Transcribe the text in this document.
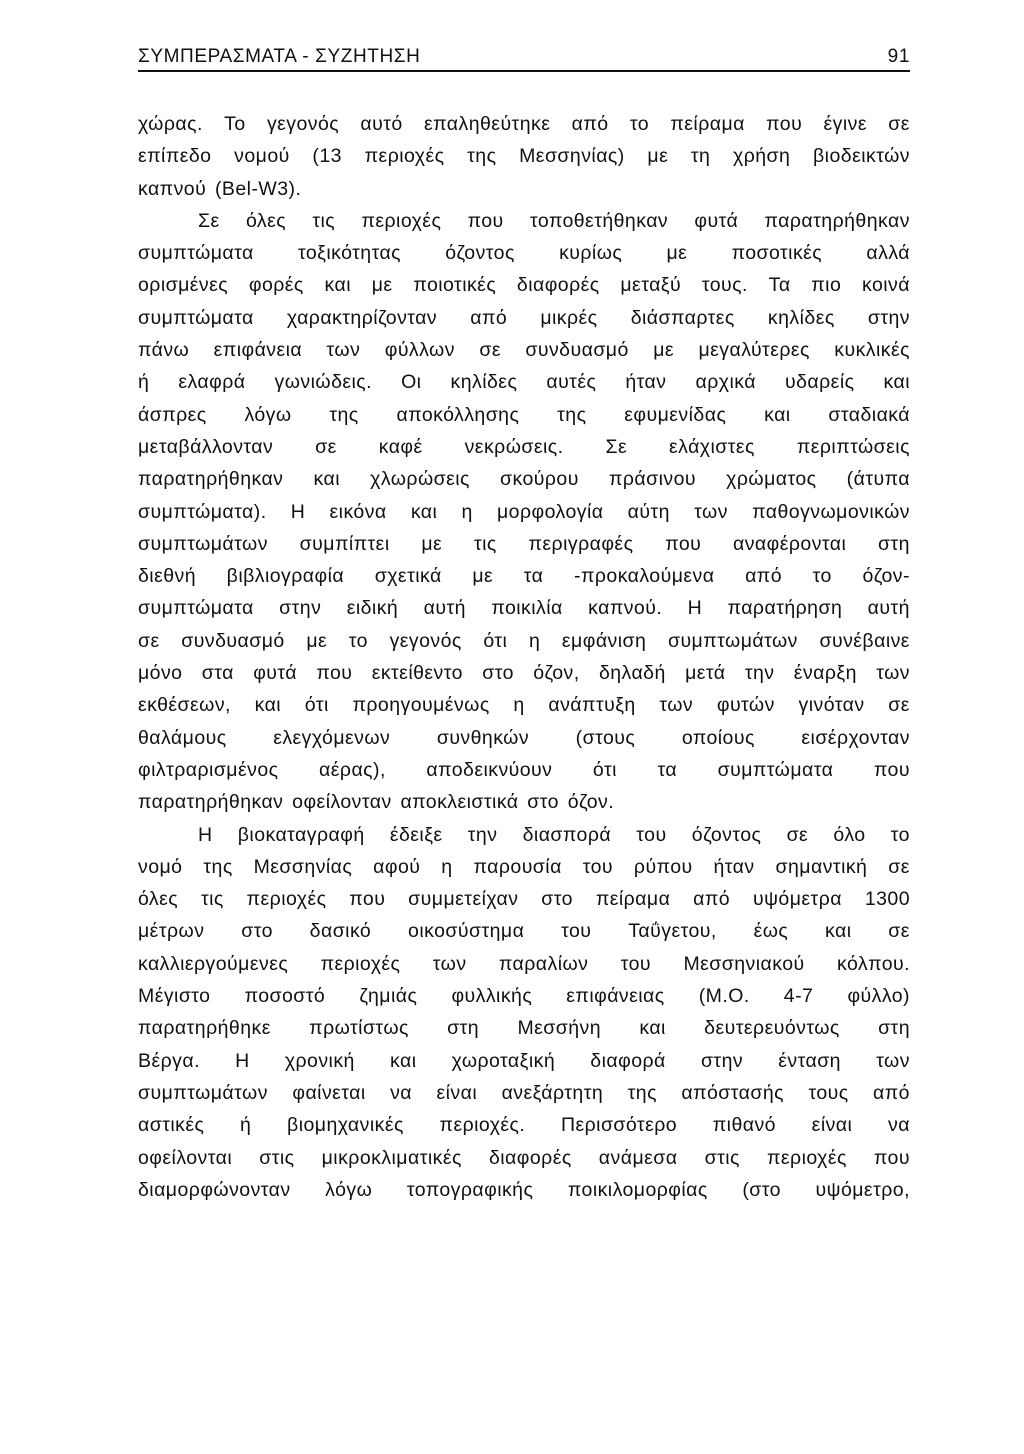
ΣΥΜΠΕΡΑΣΜΑΤΑ - ΣΥΖΗΤΗΣΗ	91
χώρας. Το γεγονός αυτό επαληθεύτηκε από το πείραμα που έγινε σε
επίπεδο νομού (13 περιοχές της Μεσσηνίας) με τη χρήση βιοδεικτών
καπνού (Bel-W3).
Σε όλες τις περιοχές που τοποθετήθηκαν φυτά παρατηρήθηκαν
συμπτώματα τοξικότητας όζοντος κυρίως με ποσοτικές αλλά
ορισμένες φορές και με ποιοτικές διαφορές μεταξύ τους. Τα πιο κοινά
συμπτώματα χαρακτηρίζονταν από μικρές διάσπαρτες κηλίδες στην
πάνω επιφάνεια των φύλλων σε συνδυασμό με μεγαλύτερες κυκλικές
ή ελαφρά γωνιώδεις. Οι κηλίδες αυτές ήταν αρχικά υδαρείς και
άσπρες λόγω της αποκόλλησης της εφυμενίδας και σταδιακά
μεταβάλλονταν σε καφέ νεκρώσεις. Σε ελάχιστες περιπτώσεις
παρατηρήθηκαν και χλωρώσεις σκούρου πράσινου χρώματος (άτυπα
συμπτώματα). Η εικόνα και η μορφολογία αύτη των παθογνωμονικών
συμπτωμάτων συμπίπτει με τις περιγραφές που αναφέρονται στη
διεθνή βιβλιογραφία σχετικά με τα -προκαλούμενα από το όζον-
συμπτώματα στην ειδική αυτή ποικιλία καπνού. Η παρατήρηση αυτή
σε συνδυασμό με το γεγονός ότι η εμφάνιση συμπτωμάτων συνέβαινε
μόνο στα φυτά που εκτείθεντο στο όζον, δηλαδή μετά την έναρξη των
εκθέσεων, και ότι προηγουμένως η ανάπτυξη των φυτών γινόταν σε
θαλάμους ελεγχόμενων συνθηκών (στους οποίους εισέρχονταν
φιλτραρισμένος αέρας), αποδεικνύουν ότι τα συμπτώματα που
παρατηρήθηκαν οφείλονταν αποκλειστικά στο όζον.
Η βιοκαταγραφή έδειξε την διασπορά του όζοντος σε όλο το
νομό της Μεσσηνίας αφού η παρουσία του ρύπου ήταν σημαντική σε
όλες τις περιοχές που συμμετείχαν στο πείραμα από υψόμετρα 1300
μέτρων στο δασικό οικοσύστημα του Ταΰγετου, έως και σε
καλλιεργούμενες περιοχές των παραλίων του Μεσσηνιακού κόλπου.
Μέγιστο ποσοστό ζημιάς φυλλικής επιφάνειας (Μ.Ο. 4-7 φύλλο)
παρατηρήθηκε πρωτίστως στη Μεσσήνη και δευτερευόντως στη
Βέργα. Η χρονική και χωροταξική διαφορά στην ένταση των
συμπτωμάτων φαίνεται να είναι ανεξάρτητη της απόστασής τους από
αστικές ή βιομηχανικές περιοχές. Περισσότερο πιθανό είναι να
οφείλονται στις μικροκλιματικές διαφορές ανάμεσα στις περιοχές που
διαμορφώνονταν λόγω τοπογραφικής ποικιλομορφίας (στο υψόμετρο,
